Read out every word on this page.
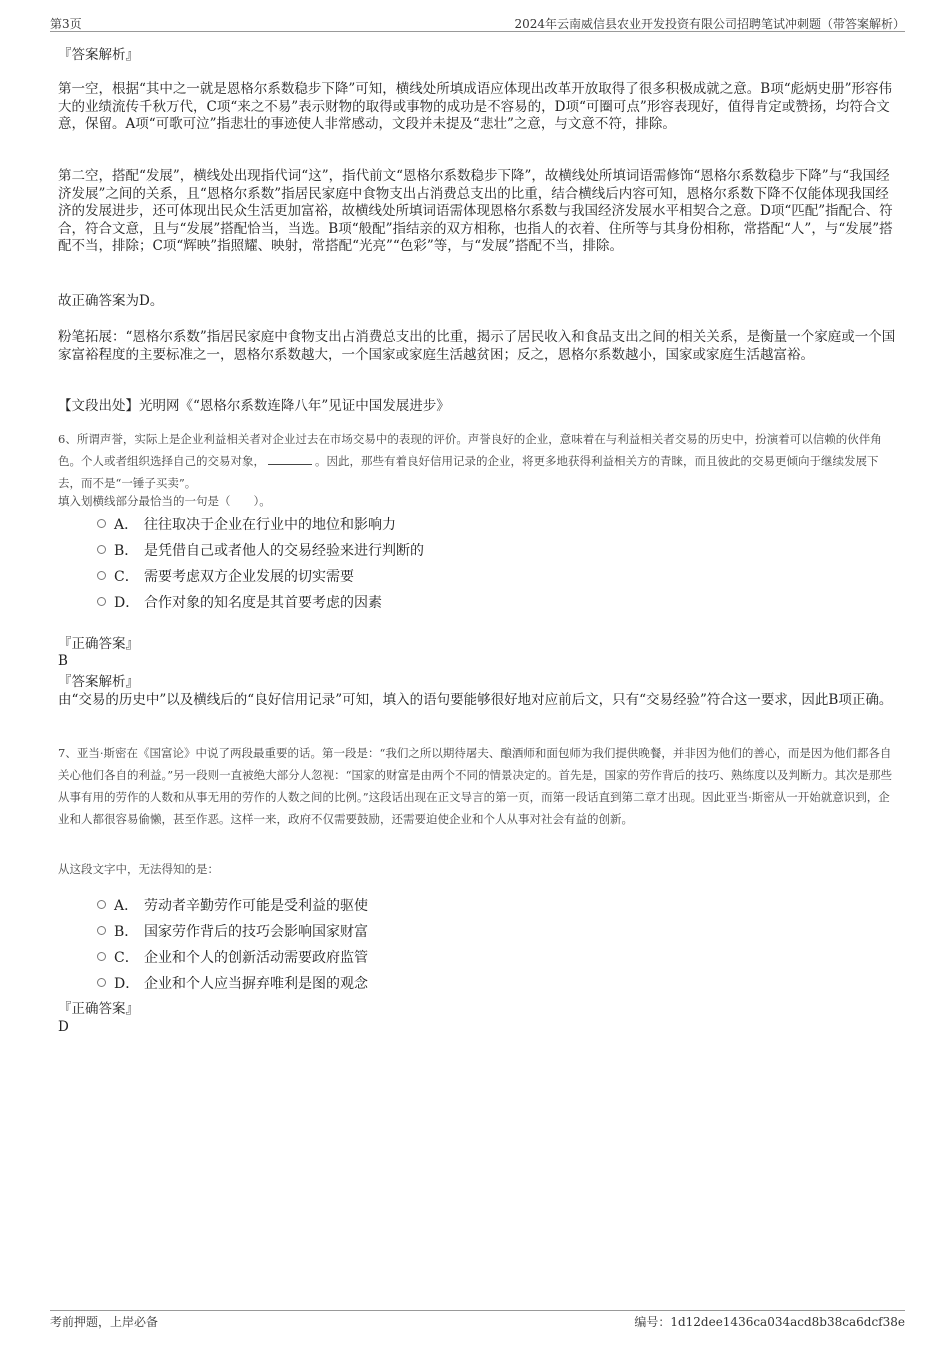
第3页	2024年云南威信县农业开发投资有限公司招聘笔试冲刺题（带答案解析）
『答案解析』
第一空，根据“其中之一就是恩格尔系数稳步下降”可知，横线处所填成语应体现出改革开放取得了很多积极成就之意。B项“彪炳史册”形容伟大的业绩流传千秋万代，C项“来之不易”表示财物的取得或事物的成功是不容易的，D项“可圈可点”形容表现好，值得肯定或赞扬，均符合文意，保留。A项“可歌可泣”指悲壮的事迹使人非常感动，文段并未提及“悲壮”之意，与文意不符，排除。
第二空，搭配“发展”，横线处出现指代词“这”，指代前文“恩格尔系数稳步下降”，故横线处所填词语需修饰“恩格尔系数稳步下降”与“我国经济发展”之间的关系，且“恩格尔系数”指居民家庭中食物支出占消费总支出的比重，结合横线后内容可知，恩格尔系数下降不仅能体现我国经济的发展进步，还可体现出民众生活更加富裕，故横线处所填词语需体现恩格尔系数与我国经济发展水平相契合之意。D项“匹配”指配合、符合，符合文意，且与“发展”搭配恰当，当选。B项“般配”指结亲的双方相称，也指人的衣着、住所等与其身份相称，常搭配“人”，与“发展”搭配不当，排除；C项“辉映”指照耀、映射，常搭配“光亮”“色彩”等，与“发展”搭配不当，排除。
故正确答案为D。
粉笔拓展：“恩格尔系数”指居民家庭中食物支出占消费总支出的比重，揭示了居民收入和食品支出之间的相关关系，是衡量一个家庭或一个国家富裕程度的主要标准之一，恩格尔系数越大，一个国家或家庭生活越贫困；反之，恩格尔系数越小，国家或家庭生活越富裕。
【文段出处】光明网《“恩格尔系数连降八年”见证中国发展进步》
6、所谓声誉，实际上是企业利益相关者对企业过去在市场交易中的表现的评价。声誉良好的企业，意味着在与利益相关者交易的历史中，扮演着可以信赖的伙伴角色。个人或者组织选择自己的交易对象，	。因此，那些有着良好信用记录的企业，将更多地获得利益相关方的青睐，而且彼此的交易更倾向于继续发展下去，而不是“一锤子买卖”。
填入划横线部分最恰当的一句是（　　）。
A． 往往取决于企业在行业中的地位和影响力
B． 是凭借自己或者他人的交易经验来进行判断的
C． 需要考虑双方企业发展的切实需要
D． 合作对象的知名度是其首要考虑的因素
『正确答案』
B
『答案解析』
由“交易的历史中”以及横线后的“良好信用记录”可知，填入的语句要能够很好地对应前后文，只有“交易经验”符合这一要求，因此B项正确。
7、亚当·斯密在《国富论》中说了两段最重要的话。第一段是：“我们之所以期待屠夫、酿酒师和面包师为我们提供晚餐，并非因为他们的善心，而是因为他们都各自关心他们各自的利益。”另一段则一直被绝大部分人忽视：“国家的财富是由两个不同的情景决定的。首先是，国家的劳作背后的技巧、熟练度以及判断力。其次是那些从事有用的劳作的人数和从事无用的劳作的人数之间的比例。”这段话出现在正文导言的第一页，而第一段话直到第二章才出现。因此亚当·斯密从一开始就意识到，企业和人都很容易偷懒，甚至作恶。这样一来，政府不仅需要鼓励，还需要迫使企业和个人从事对社会有益的创新。
从这段文字中，无法得知的是：
A． 劳动者辛勤劳作可能是受利益的驱使
B． 国家劳作背后的技巧会影响国家财富
C． 企业和个人的创新活动需要政府监管
D． 企业和个人应当摒弃唯利是图的观念
『正确答案』
D
考前押题，上岸必备	编号：1d12dee1436ca034acd8b38ca6dcf38e
